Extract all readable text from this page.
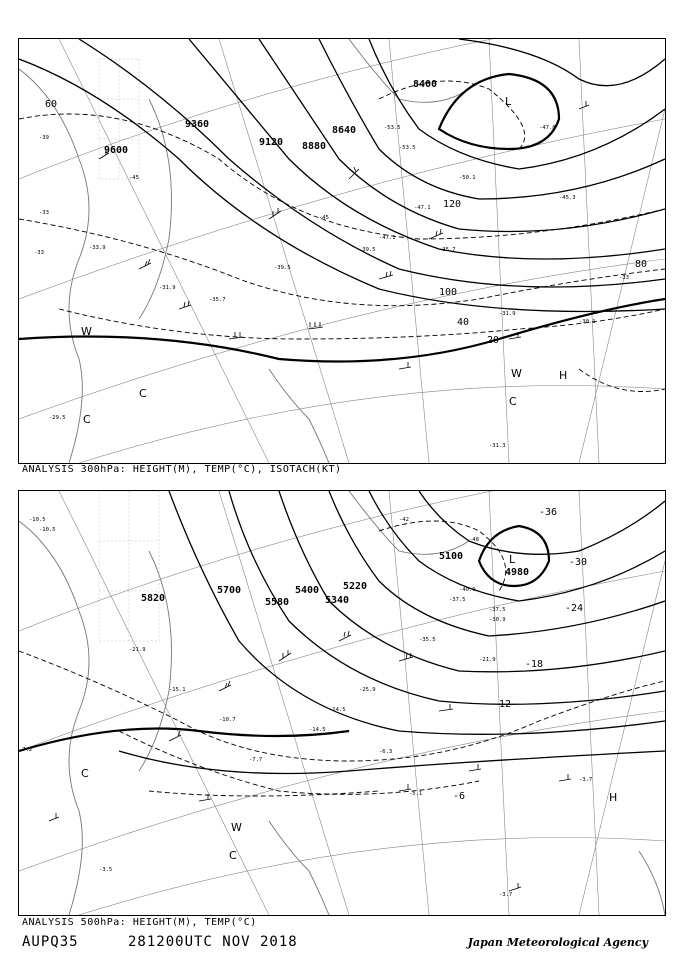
-33
-33.9
-31.9
-35.7
-39.5
-45
-47.1
-53.5
-50.1
-45.3
-33
-29.5
-31.3
-47.8
-39
9600
9360
9120 8880
8640
8400
20
40
60
80
120
100
-30.1
-31.9
-33	-35.7
-39.5
-45
-47.1
-53.5
W
C
C
W	H
C
L
ANALYSIS 300hPa: HEIGHT(M), TEMP(°C), ISOTACH(KT)
-10.5
-21.9
-15.1
-10.7
-7.7
-14.5
-25.9
-35.5
-37.5
-30.9
-3.5
-3.7
-7.2
5820
5700
5580
5400
5340
5220
5100
4980
-6
-12
-18
-24
-30
-36
-42
-48
-3.7
-5.1
-6.3
-10.5
-14.5
-21.9
-37.5
-40.9
W
C
C
H
L
ANALYSIS 500hPa: HEIGHT(M), TEMP(°C)
AUPQ35	281200UTC NOV 2018	Japan Meteorological Agency
